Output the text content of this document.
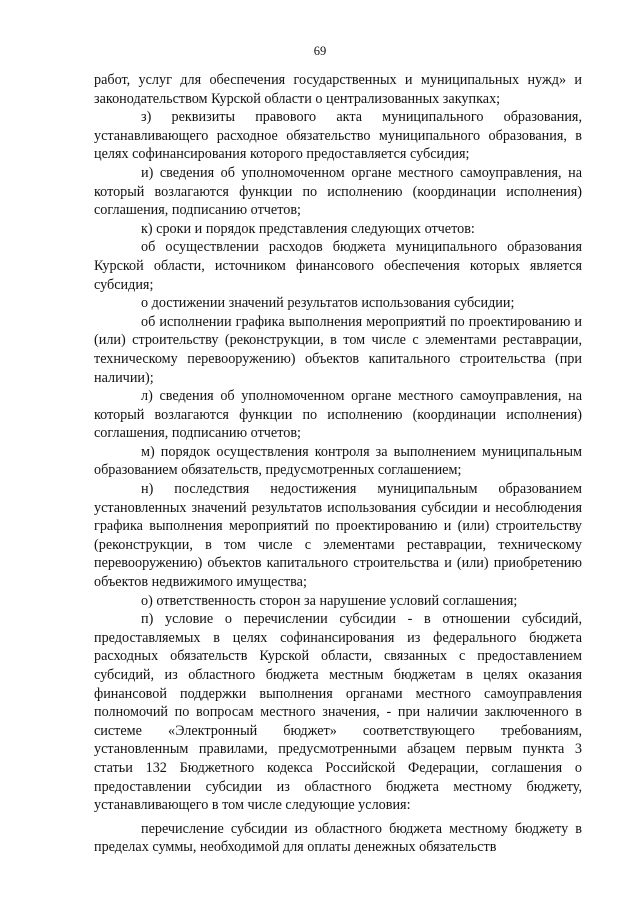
69

работ, услуг для обеспечения государственных и муниципальных нужд» и законодательством Курской области о централизованных закупках;

з) реквизиты правового акта муниципального образования, устанавливающего расходное обязательство муниципального образования, в целях софинансирования которого предоставляется субсидия;

и) сведения об уполномоченном органе местного самоуправления, на который возлагаются функции по исполнению (координации исполнения) соглашения, подписанию отчетов;

к) сроки и порядок представления следующих отчетов:

об осуществлении расходов бюджета муниципального образования Курской области, источником финансового обеспечения которых является субсидия;

о достижении значений результатов использования субсидии;

об исполнении графика выполнения мероприятий по проектированию и (или) строительству (реконструкции, в том числе с элементами реставрации, техническому перевооружению) объектов капитального строительства (при наличии);

л) сведения об уполномоченном органе местного самоуправления, на который возлагаются функции по исполнению (координации исполнения) соглашения, подписанию отчетов;

м) порядок осуществления контроля за выполнением муниципальным образованием обязательств, предусмотренных соглашением;

н) последствия недостижения муниципальным образованием установленных значений результатов использования субсидии и несоблюдения графика выполнения мероприятий по проектированию и (или) строительству (реконструкции, в том числе с элементами реставрации, техническому перевооружению) объектов капитального строительства и (или) приобретению объектов недвижимого имущества;

о) ответственность сторон за нарушение условий соглашения;

п) условие о перечислении субсидии - в отношении субсидий, предоставляемых в целях софинансирования из федерального бюджета расходных обязательств Курской области, связанных с предоставлением субсидий, из областного бюджета местным бюджетам в целях оказания финансовой поддержки выполнения органами местного самоуправления полномочий по вопросам местного значения, - при наличии заключенного в системе «Электронный бюджет» соответствующего требованиям, установленным правилами, предусмотренными абзацем первым пункта 3 статьи 132 Бюджетного кодекса Российской Федерации, соглашения о предоставлении субсидии из областного бюджета местному бюджету, устанавливающего в том числе следующие условия:

перечисление субсидии из областного бюджета местному бюджету в пределах суммы, необходимой для оплаты денежных обязательств
